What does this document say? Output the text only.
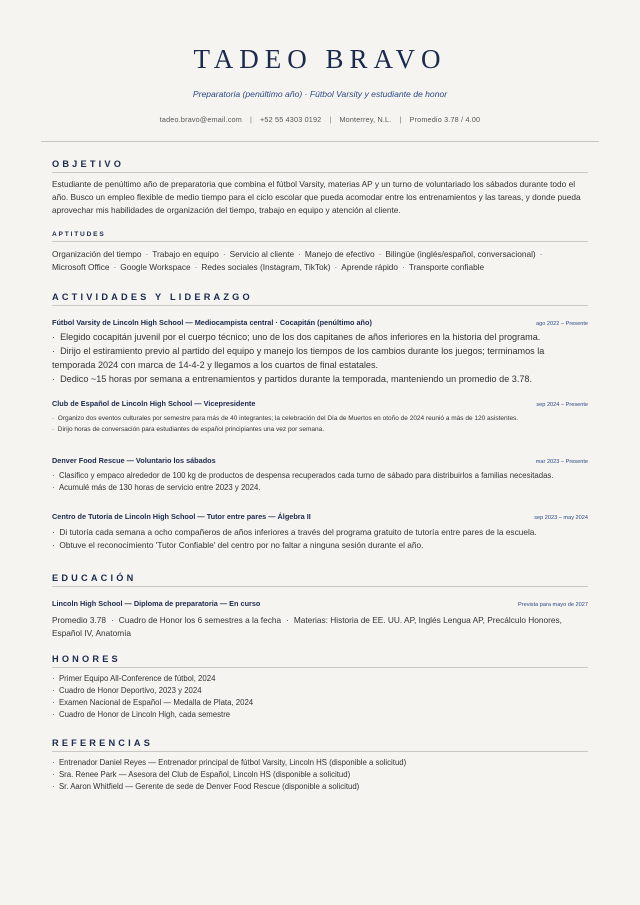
TADEO BRAVO
Preparatoria (penúltimo año) · Fútbol Varsity y estudiante de honor
tadeo.bravo@email.com | +52 55 4303 0192 | Monterrey, N.L. | Promedio 3.78 / 4.00
OBJETIVO
Estudiante de penúltimo año de preparatoria que combina el fútbol Varsity, materias AP y un turno de voluntariado los sábados durante todo el año. Busco un empleo flexible de medio tiempo para el ciclo escolar que pueda acomodar entre los entrenamientos y las tareas, y donde pueda aprovechar mis habilidades de organización del tiempo, trabajo en equipo y atención al cliente.
APTITUDES
Organización del tiempo · Trabajo en equipo · Servicio al cliente · Manejo de efectivo · Bilingüe (inglés/español, conversacional) ·
Microsoft Office · Google Workspace · Redes sociales (Instagram, TikTok) · Aprende rápido · Transporte confiable
ACTIVIDADES Y LIDERAZGO
Fútbol Varsity de Lincoln High School — Mediocampista central · Cocapitán (penúltimo año)	ago 2022 – Presente
·  Elegido cocapitán juvenil por el cuerpo técnico; uno de los dos capitanes de años inferiores en la historia del programa.
·  Dirijo el estiramiento previo al partido del equipo y manejo los tiempos de los cambios durante los juegos; terminamos la temporada 2024 con marca de 14-4-2 y llegamos a los cuartos de final estatales.
·  Dedico ~15 horas por semana a entrenamientos y partidos durante la temporada, manteniendo un promedio de 3.78.
Club de Español de Lincoln High School — Vicepresidente	sep 2024 – Presente
·  Organizo dos eventos culturales por semestre para más de 40 integrantes; la celebración del Día de Muertos en otoño de 2024 reunió a más de 120 asistentes.
·  Dirijo horas de conversación para estudiantes de español principiantes una vez por semana.
Denver Food Rescue — Voluntario los sábados	mar 2023 – Presente
·  Clasifico y empaco alrededor de 100 kg de productos de despensa recuperados cada turno de sábado para distribuirlos a familias necesitadas.
·  Acumulé más de 130 horas de servicio entre 2023 y 2024.
Centro de Tutoría de Lincoln High School — Tutor entre pares — Álgebra II	sep 2023 – may 2024
·  Di tutoría cada semana a ocho compañeros de años inferiores a través del programa gratuito de tutoría entre pares de la escuela.
·  Obtuve el reconocimiento 'Tutor Confiable' del centro por no faltar a ninguna sesión durante el año.
EDUCACIÓN
Lincoln High School — Diploma de preparatoria — En curso	Prevista para mayo de 2027
Promedio 3.78 · Cuadro de Honor los 6 semestres a la fecha · Materias: Historia de EE. UU. AP, Inglés Lengua AP, Precálculo Honores, Español IV, Anatomía
HONORES
·  Primer Equipo All-Conference de fútbol, 2024
·  Cuadro de Honor Deportivo, 2023 y 2024
·  Examen Nacional de Español — Medalla de Plata, 2024
·  Cuadro de Honor de Lincoln High, cada semestre
REFERENCIAS
·  Entrenador Daniel Reyes — Entrenador principal de fútbol Varsity, Lincoln HS (disponible a solicitud)
·  Sra. Renee Park — Asesora del Club de Español, Lincoln HS (disponible a solicitud)
·  Sr. Aaron Whitfield — Gerente de sede de Denver Food Rescue (disponible a solicitud)
